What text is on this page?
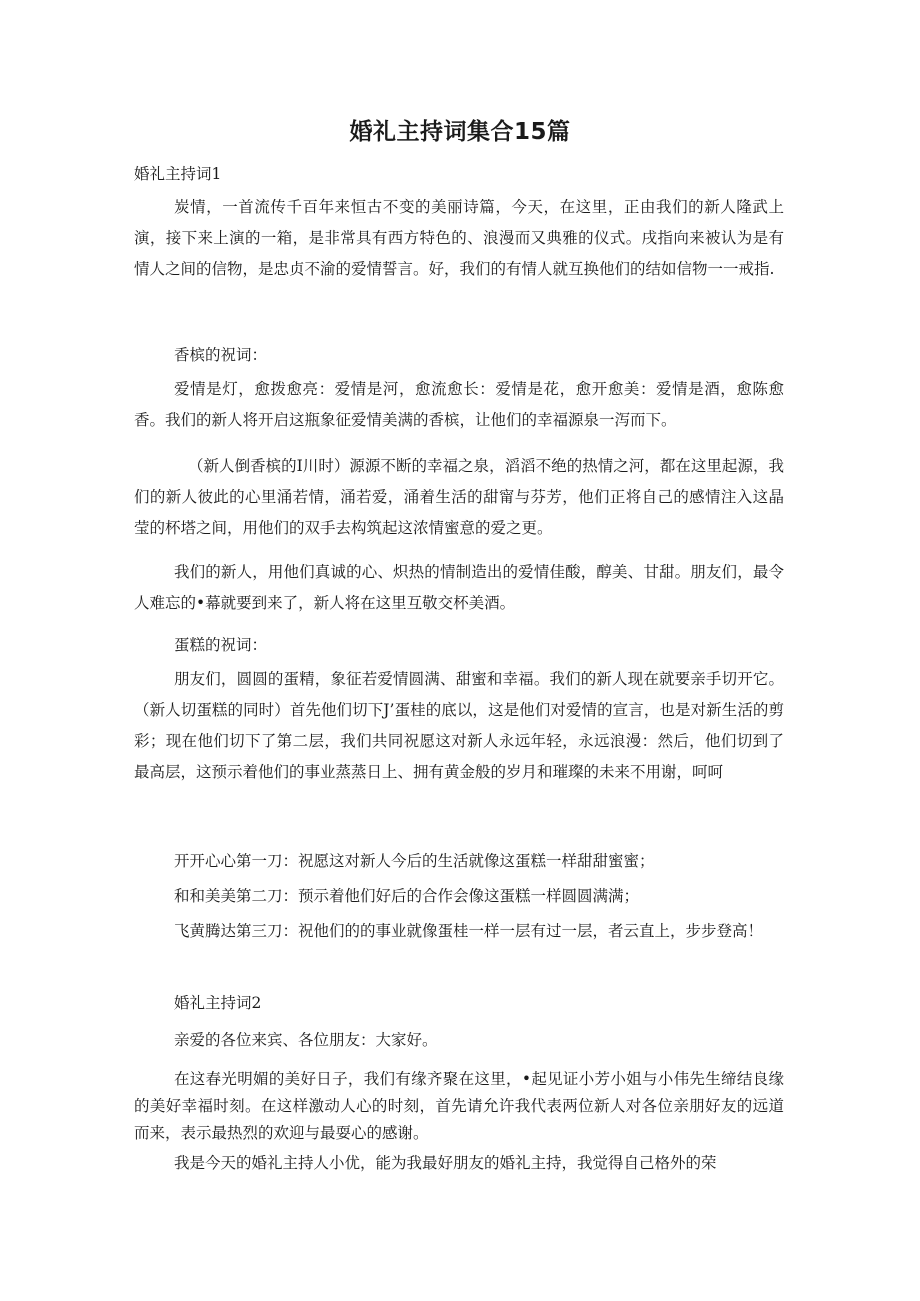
婚礼主持词集合15篇
婚礼主持词1

炭情，一首流传千百年来恒古不变的美丽诗篇，今天，在这里，正由我们的新人隆武上演，接下来上演的一箱，是非常具有西方特色的、浪漫而又典雅的仪式。戌指向来被认为是有情人之间的信物，是忠贞不渝的爱情誓言。好，我们的有情人就互换他们的结如信物一一戒指.

香槟的祝词：

爱情是灯，愈拨愈亮：爱情是河，愈流愈长：爱情是花，愈开愈美：爱情是酒，愈陈愈香。我们的新人将开启这瓶象征爱情美满的香槟，让他们的幸福源泉一泻而下。

（新人倒香槟的I川时）源源不断的幸福之泉，滔滔不绝的热情之河，都在这里起源，我们的新人彼此的心里涌若情，涌若爱，涌着生活的甜甯与芬芳，他们正将自己的感情注入这晶莹的杯塔之间，用他们的双手去构筑起这浓情蜜意的爱之更。

我们的新人，用他们真诚的心、炽热的情制造出的爱情佳酸，醇美、甘甜。朋友们，最令人难忘的•幕就要到来了，新人将在这里互敬交杯美酒。

蛋糕的祝词：

朋友们，圆圆的蛋精，象征若爱情圆满、甜蜜和幸福。我们的新人现在就要亲手切开它。（新人切蛋糕的同时）首先他们切下J’蛋桂的底以，这是他们对爱情的宣言，也是对新生活的剪彩；现在他们切下了第二层，我们共同祝愿这对新人永远年轻，永远浪漫：然后，他们切到了最高层，这预示着他们的事业蒸蒸日上、拥有黄金般的岁月和璀璨的未来不用谢，呵呵

开开心心第一刀：祝愿这对新人今后的生活就像这蛋糕一样甜甜蜜蜜；
和和美美第二刀：预示着他们好后的合作会像这蛋糕一样圆圆满满；

飞黄腾达第三刀：祝他们的的事业就像蛋桂一样一层有过一层，者云直上，步步登高！

婚礼主持词2
亲爱的各位来宾、各位朋友：大家好。

在这春光明媚的美好日子，我们有缘齐聚在这里，•起见证小芳小姐与小伟先生缔结良缘的美好幸福时刻。在这样激动人心的时刻，首先请允许我代表两位新人对各位亲朋好友的远道而来，表示最热烈的欢迎与最耍心的感谢。

我是今天的婚礼主持人小优，能为我最好朋友的婚礼主持，我觉得自己格外的荣
